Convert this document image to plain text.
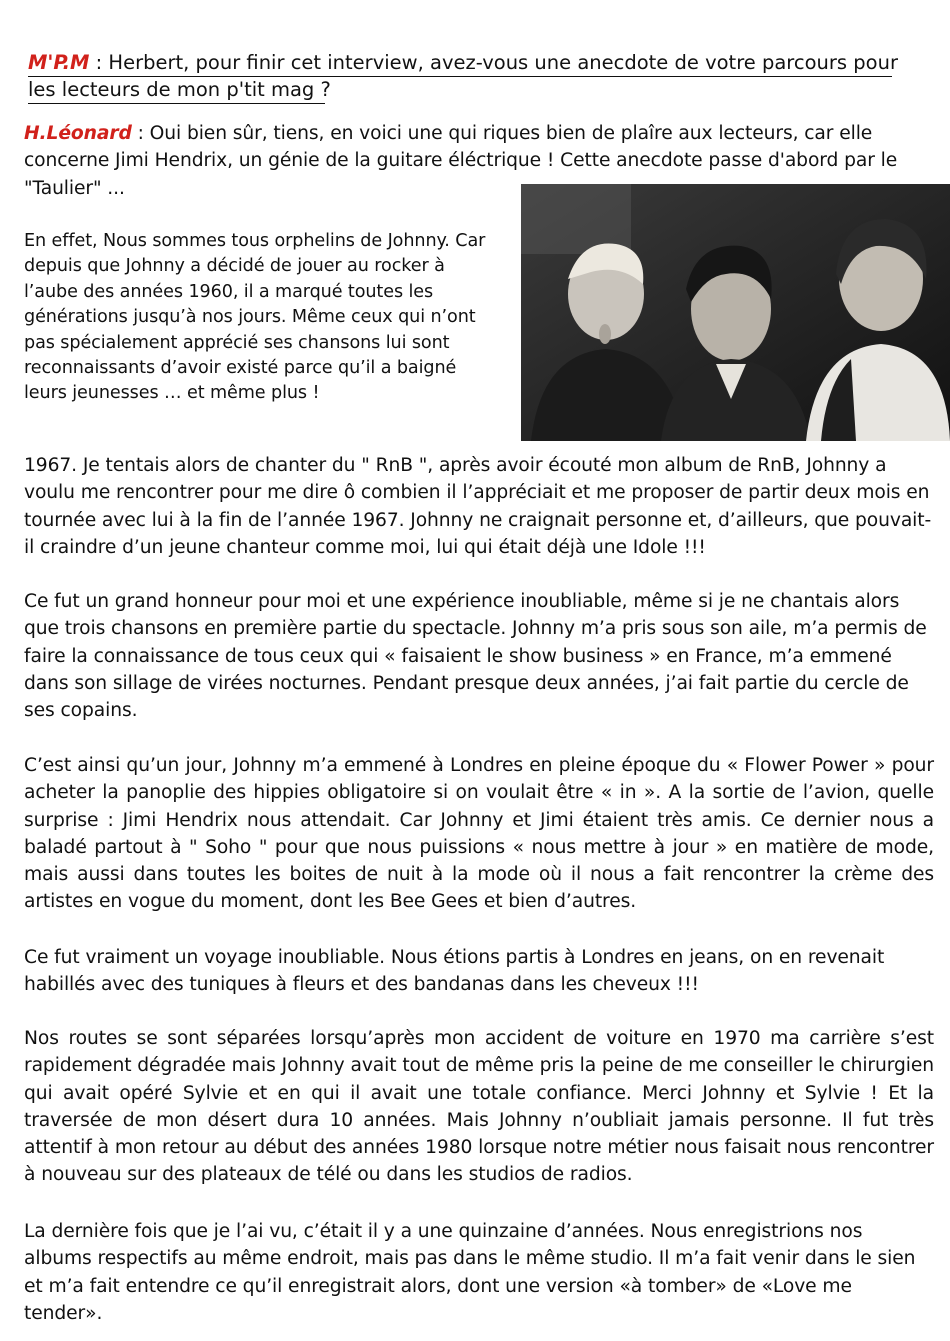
M'P.M : Herbert, pour finir cet interview, avez-vous une anecdote de votre parcours pour
les lecteurs de mon p'tit mag ?

H.Léonard : Oui bien sûr, tiens, en voici une qui riques bien de plaîre aux lecteurs, car elle concerne Jimi Hendrix, un génie de la guitare éléctrique ! Cette anecdote passe d'abord par le "Taulier" ...

En effet, Nous sommes tous orphelins de Johnny. Car depuis que Johnny a décidé de jouer au rocker à l’aube des années 1960, il a marqué toutes les générations jusqu’à nos jours. Même ceux qui n’ont pas spécialement apprécié ses chansons lui sont reconnaissants d’avoir existé parce qu’il a baigné leurs jeunesses … et même plus !

1967. Je tentais alors de chanter du " RnB ", après avoir écouté mon album de RnB, Johnny a voulu me rencontrer pour me dire ô combien il l’appréciait et me proposer de partir deux mois en tournée avec lui à la fin de l’année 1967. Johnny ne craignait personne et, d’ailleurs, que pouvait-il craindre d’un jeune chanteur comme moi, lui qui était déjà une Idole !!!

Ce fut un grand honneur pour moi et une expérience inoubliable, même si je ne chantais alors que trois chansons en première partie du spectacle. Johnny m’a pris sous son aile, m’a permis de faire la connaissance de tous ceux qui « faisaient le show business » en France, m’a emmené dans son sillage de virées nocturnes. Pendant presque deux années, j’ai fait partie du cercle de ses copains.

C’est ainsi qu’un jour, Johnny m’a emmené à Londres en pleine époque du « Flower Power » pour acheter la panoplie des hippies obligatoire si on voulait être « in ». A la sortie de l’avion, quelle surprise : Jimi Hendrix nous attendait. Car Johnny et Jimi étaient très amis. Ce dernier nous a baladé partout à " Soho " pour que nous puissions « nous mettre à jour » en matière de mode, mais aussi dans toutes les boites de nuit à la mode où il nous a fait rencontrer la crème des artistes en vogue du moment, dont les Bee Gees et bien d’autres.

Ce fut vraiment un voyage inoubliable. Nous étions partis à Londres en jeans, on en revenait habillés avec des tuniques à fleurs et des bandanas dans les cheveux !!!

Nos routes se sont séparées lorsqu’après mon accident de voiture en 1970 ma carrière s’est rapidement dégradée mais Johnny avait tout de même pris la peine de me conseiller le chirurgien qui avait opéré Sylvie et en qui il avait une totale confiance. Merci Johnny et Sylvie ! Et la traversée de mon désert dura 10 années. Mais Johnny n’oubliait jamais personne. Il fut très attentif à mon retour au début des années 1980 lorsque notre métier nous faisait nous rencontrer à nouveau sur des plateaux de télé ou dans les studios de radios.

La dernière fois que je l’ai vu, c’était il y a une quinzaine d’années. Nous enregistrions nos albums respectifs au même endroit, mais pas dans le même studio. Il m’a fait venir dans le sien et m’a fait entendre ce qu’il enregistrait alors, dont une version «à tomber» de «Love me tender».
